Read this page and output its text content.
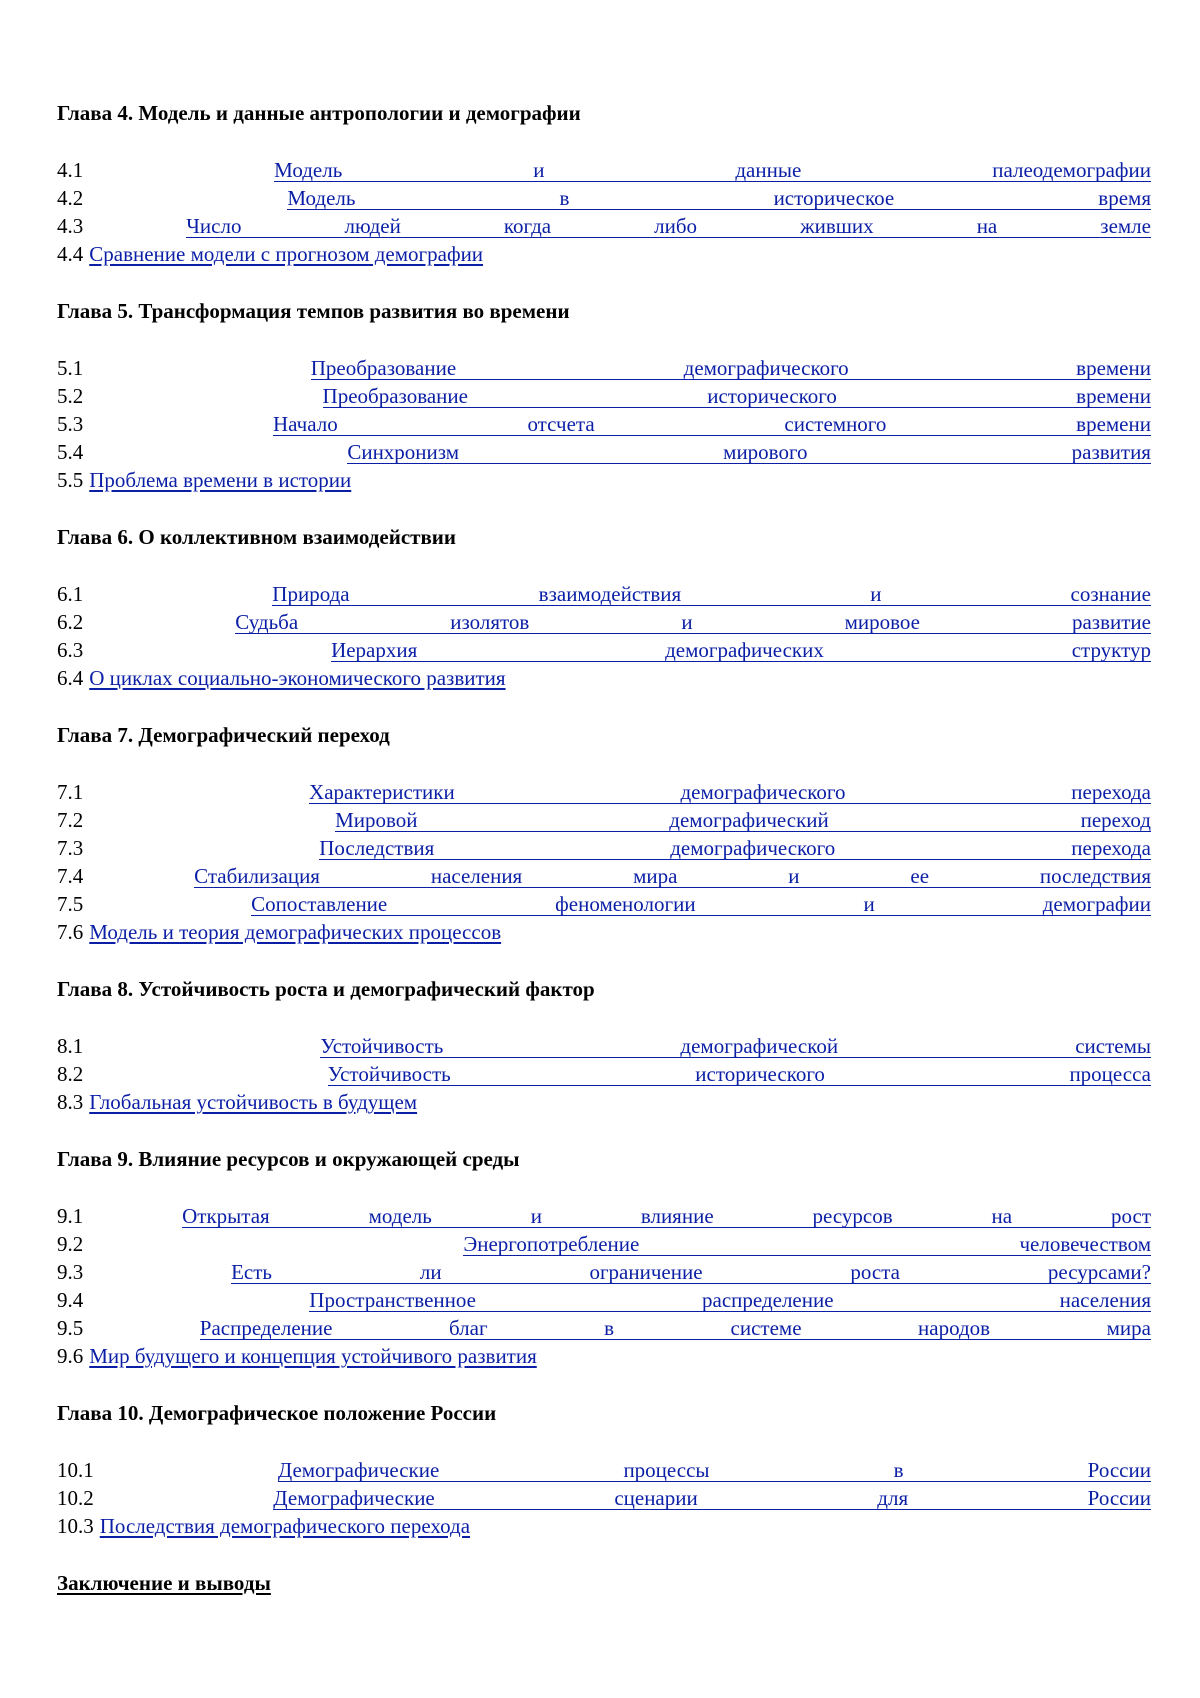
Глава 4. Модель и данные антропологии и демографии
4.1	Модель	и	данные	палеодемографии
4.2	Модель	в	историческое	время
4.3	Число	людей	когда	либо	живших	на	земле
4.4 Сравнение модели с прогнозом демографии
Глава 5. Трансформация темпов развития во времени
5.1	Преобразование	демографического	времени
5.2	Преобразование	исторического	времени
5.3	Начало	отсчета	системного	времени
5.4	Синхронизм	мирового	развития
5.5 Проблема времени в истории
Глава 6. О коллективном взаимодействии
6.1	Природа	взаимодействия	и	сознание
6.2	Судьба	изолятов	и	мировое	развитие
6.3	Иерархия	демографических	структур
6.4 О циклах социально-экономического развития
Глава 7. Демографический переход
7.1	Характеристики	демографического	перехода
7.2	Мировой	демографический	переход
7.3	Последствия	демографического	перехода
7.4	Стабилизация	населения	мира	и	ее	последствия
7.5	Сопоставление	феноменологии	и	демографии
7.6 Модель и теория демографических процессов
Глава 8. Устойчивость роста и демографический фактор
8.1	Устойчивость	демографической	системы
8.2	Устойчивость	исторического	процесса
8.3 Глобальная устойчивость в будущем
Глава 9. Влияние ресурсов и окружающей среды
9.1	Открытая	модель	и	влияние	ресурсов	на	рост
9.2	Энергопотребление	человечеством
9.3	Есть	ли	ограничение	роста	ресурсами?
9.4	Пространственное	распределение	населения
9.5	Распределение	благ	в	системе	народов	мира
9.6 Мир будущего и концепция устойчивого развития
Глава 10. Демографическое положение России
10.1	Демографические	процессы	в	России
10.2	Демографические	сценарии	для	России
10.3 Последствия демографического перехода
Заключение и выводы
